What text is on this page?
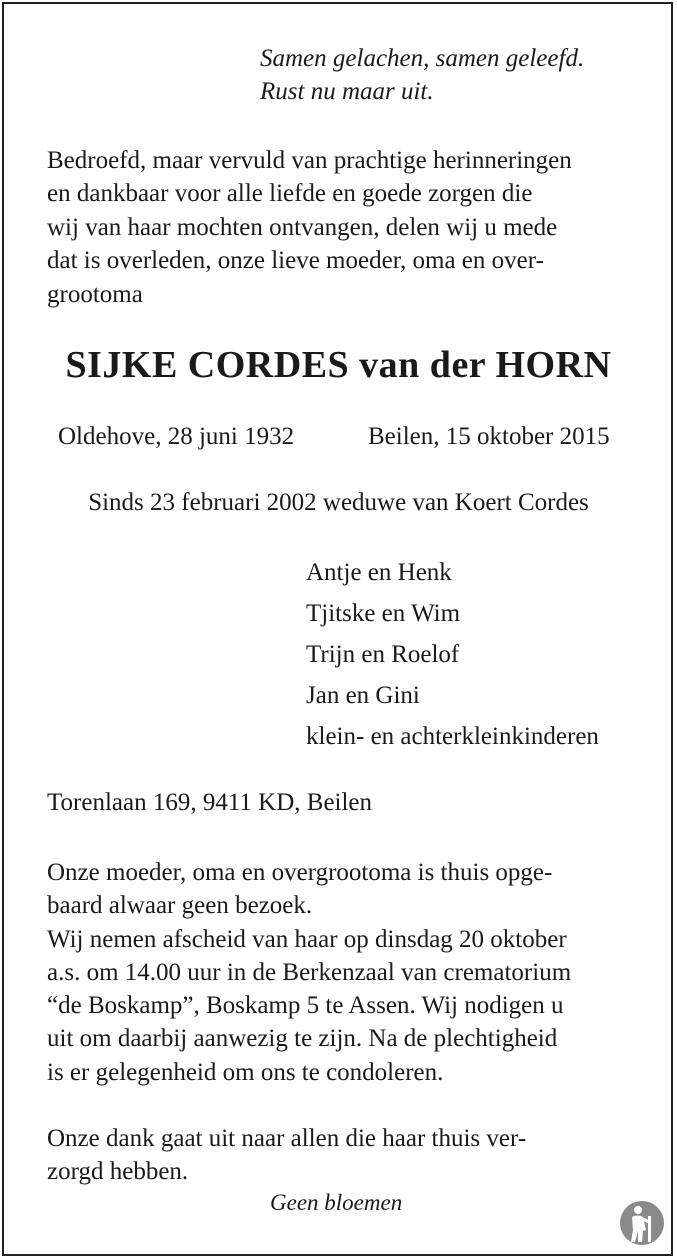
Samen gelachen, samen geleefd.
Rust nu maar uit.
Bedroefd, maar vervuld van prachtige herinneringen
en dankbaar voor alle liefde en goede zorgen die
wij van haar mochten ontvangen, delen wij u mede
dat is overleden, onze lieve moeder, oma en over-
grootoma
SIJKE CORDES van der HORN
Oldehove, 28 juni 1932	Beilen, 15 oktober 2015
Sinds 23 februari 2002 weduwe van Koert Cordes
Antje en Henk
Tjitske en Wim
Trijn en Roelof
Jan en Gini
klein- en achterkleinkinderen
Torenlaan 169, 9411 KD, Beilen
Onze moeder, oma en overgrootoma is thuis opge-
baard alwaar geen bezoek.
Wij nemen afscheid van haar op dinsdag 20 oktober
a.s. om 14.00 uur in de Berkenzaal van crematorium
“de Boskamp”, Boskamp 5 te Assen. Wij nodigen u
uit om daarbij aanwezig te zijn. Na de plechtigheid
is er gelegenheid om ons te condoleren.
Onze dank gaat uit naar allen die haar thuis ver-
zorgd hebben.
Geen bloemen
